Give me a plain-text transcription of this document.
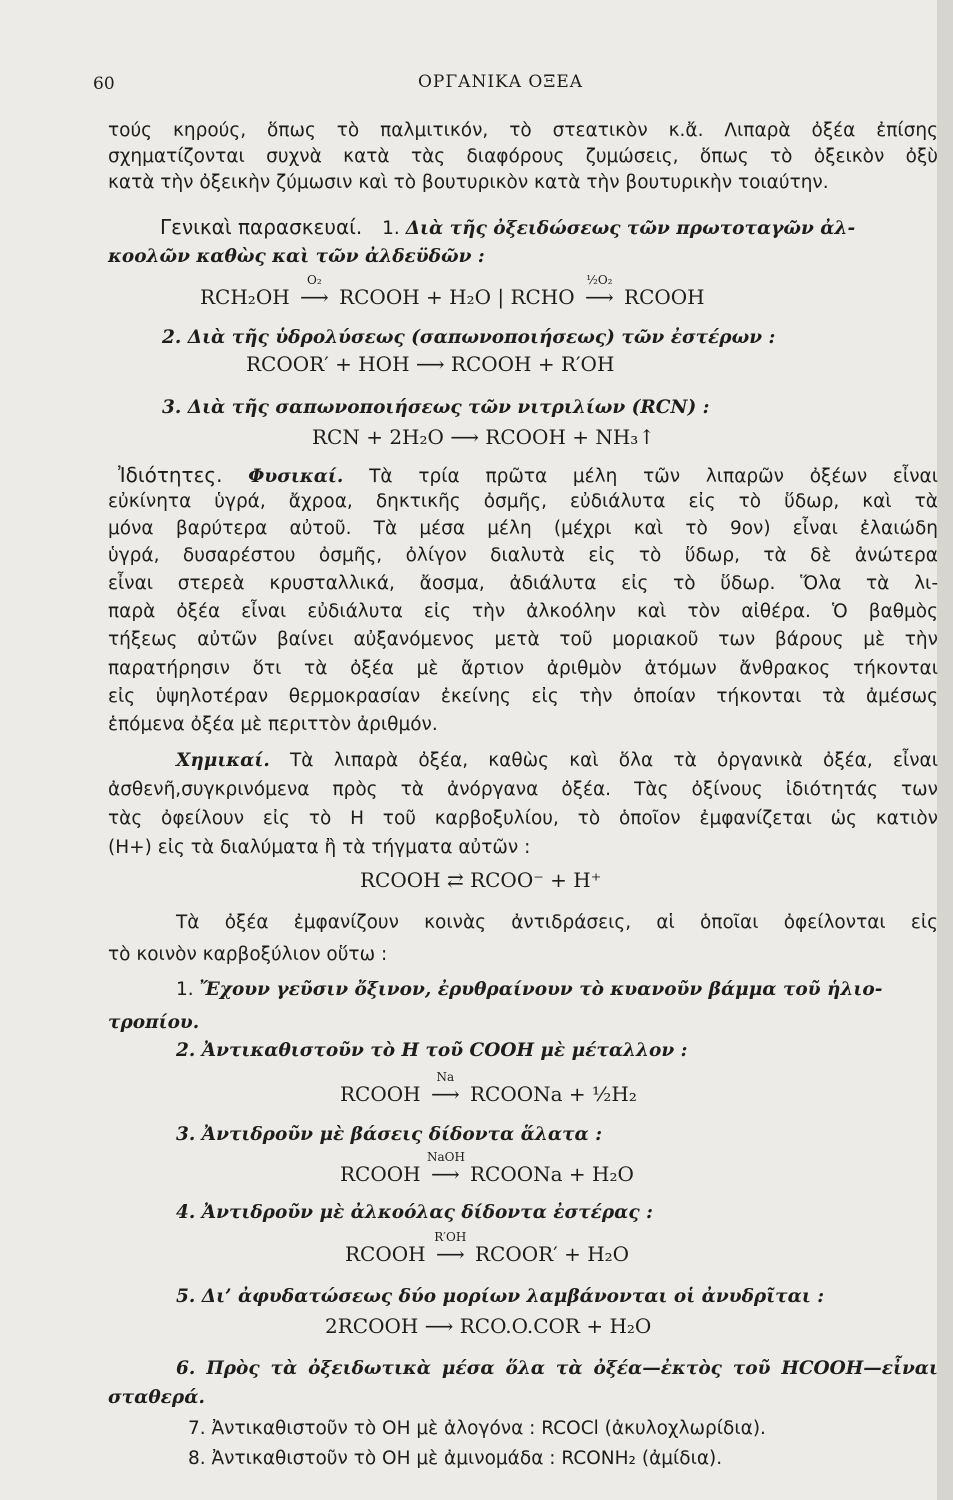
60	ΟΡΓΑΝΙΚΑ ΟΞΕΑ
τούς κηρούς, ὅπως τὸ παλμιτικόν, τὸ στεατικὸν κ.ἄ. Λιπαρὰ ὀξέα ἐπίσης
σχηματίζονται συχνὰ κατὰ τὰς διαφόρους ζυμώσεις, ὅπως τὸ ὀξεικὸν ὀξὺ
κατὰ τὴν ὀξεικὴν ζύμωσιν καὶ τὸ βουτυρικὸν κατὰ τὴν βουτυρικὴν τοιαύτην.
Γενικαὶ παρασκευαί. 1. Διὰ τῆς ὀξειδώσεως τῶν πρωτοταγῶν ἀλ-
κοολῶν καθὼς καὶ τῶν ἀλδεϋδῶν :
RCH₂OH
O₂
⟶ RCOOH + H₂O | RCHO
½O₂
⟶ RCOOH
2. Διὰ τῆς ὑδρολύσεως (σαπωνοποιήσεως) τῶν ἐστέρων :
RCOOR′ + HOH ⟶ RCOOH + R′OH
3. Διὰ τῆς σαπωνοποιήσεως τῶν νιτριλίων (RCN) :
RCN + 2H₂O ⟶ RCOOH + NH₃↑
Ἰδιότητες. Φυσικαί. Τὰ τρία πρῶτα μέλη τῶν λιπαρῶν ὀξέων εἶναι
εὐκίνητα ὑγρά, ἄχροα, δηκτικῆς ὀσμῆς, εὐδιάλυτα εἰς τὸ ὕδωρ, καὶ τὰ
μόνα βαρύτερα αὐτοῦ. Τὰ μέσα μέλη (μέχρι καὶ τὸ 9ον) εἶναι ἐλαιώδη
ὑγρά, δυσαρέστου ὀσμῆς, ὀλίγον διαλυτὰ εἰς τὸ ὕδωρ, τὰ δὲ ἀνώτερα
εἶναι στερεὰ κρυσταλλικά, ἄοσμα, ἀδιάλυτα εἰς τὸ ὕδωρ. Ὅλα τὰ λι-
παρὰ ὀξέα εἶναι εὐδιάλυτα εἰς τὴν ἀλκοόλην καὶ τὸν αἰθέρα. Ὁ βαθμὸς
τήξεως αὐτῶν βαίνει αὐξανόμενος μετὰ τοῦ μοριακοῦ των βάρους μὲ τὴν
παρατήρησιν ὅτι τὰ ὀξέα μὲ ἄρτιον ἀριθμὸν ἀτόμων ἄνθρακος τήκονται
εἰς ὑψηλοτέραν θερμοκρασίαν ἐκείνης εἰς τὴν ὁποίαν τήκονται τὰ ἀμέσως
ἑπόμενα ὀξέα μὲ περιττὸν ἀριθμόν.
Χημικαί. Τὰ λιπαρὰ ὀξέα, καθὼς καὶ ὅλα τὰ ὀργανικὰ ὀξέα, εἶναι
ἀσθενῆ,συγκρινόμενα πρὸς τὰ ἀνόργανα ὀξέα. Τὰς ὀξίνους ἰδιότητάς των
τὰς ὀφείλουν εἰς τὸ H τοῦ καρβοξυλίου, τὸ ὁποῖον ἐμφανίζεται ὡς κατιὸν
(H+) εἰς τὰ διαλύματα ἢ τὰ τήγματα αὐτῶν :
RCOOH ⇄ RCOO⁻ + H⁺
Τὰ ὀξέα ἐμφανίζουν κοινὰς ἀντιδράσεις, αἱ ὁποῖαι ὀφείλονται εἰς
τὸ κοινὸν καρβοξύλιον οὕτω :
1. Ἔχουν γεῦσιν ὄξινον, ἐρυθραίνουν τὸ κυανοῦν βάμμα τοῦ ἡλιο-
τροπίου.
2. Ἀντικαθιστοῦν τὸ H τοῦ COOH μὲ μέταλλον :
RCOOH
Na
⟶ RCOONa + ½H₂
3. Ἀντιδροῦν μὲ βάσεις δίδοντα ἅλατα :
RCOOH
NaOH
⟶ RCOONa + H₂O
4. Ἀντιδροῦν μὲ ἀλκοόλας δίδοντα ἐστέρας :
RCOOH
R′OH
⟶ RCOOR′ + H₂O
5. Δι’ ἀφυδατώσεως δύο μορίων λαμβάνονται οἱ ἀνυδρῖται :
2RCOOH ⟶ RCO.O.COR + H₂O
6. Πρὸς τὰ ὀξειδωτικὰ μέσα ὅλα τὰ ὀξέα—ἐκτὸς τοῦ HCOOH—εἶναι
σταθερά.
7. Ἀντικαθιστοῦν τὸ OH μὲ ἀλογόνα : RCOCl (ἀκυλοχλωρίδια).
8. Ἀντικαθιστοῦν τὸ OH μὲ ἀμινομάδα : RCONH₂ (ἀμίδια).
